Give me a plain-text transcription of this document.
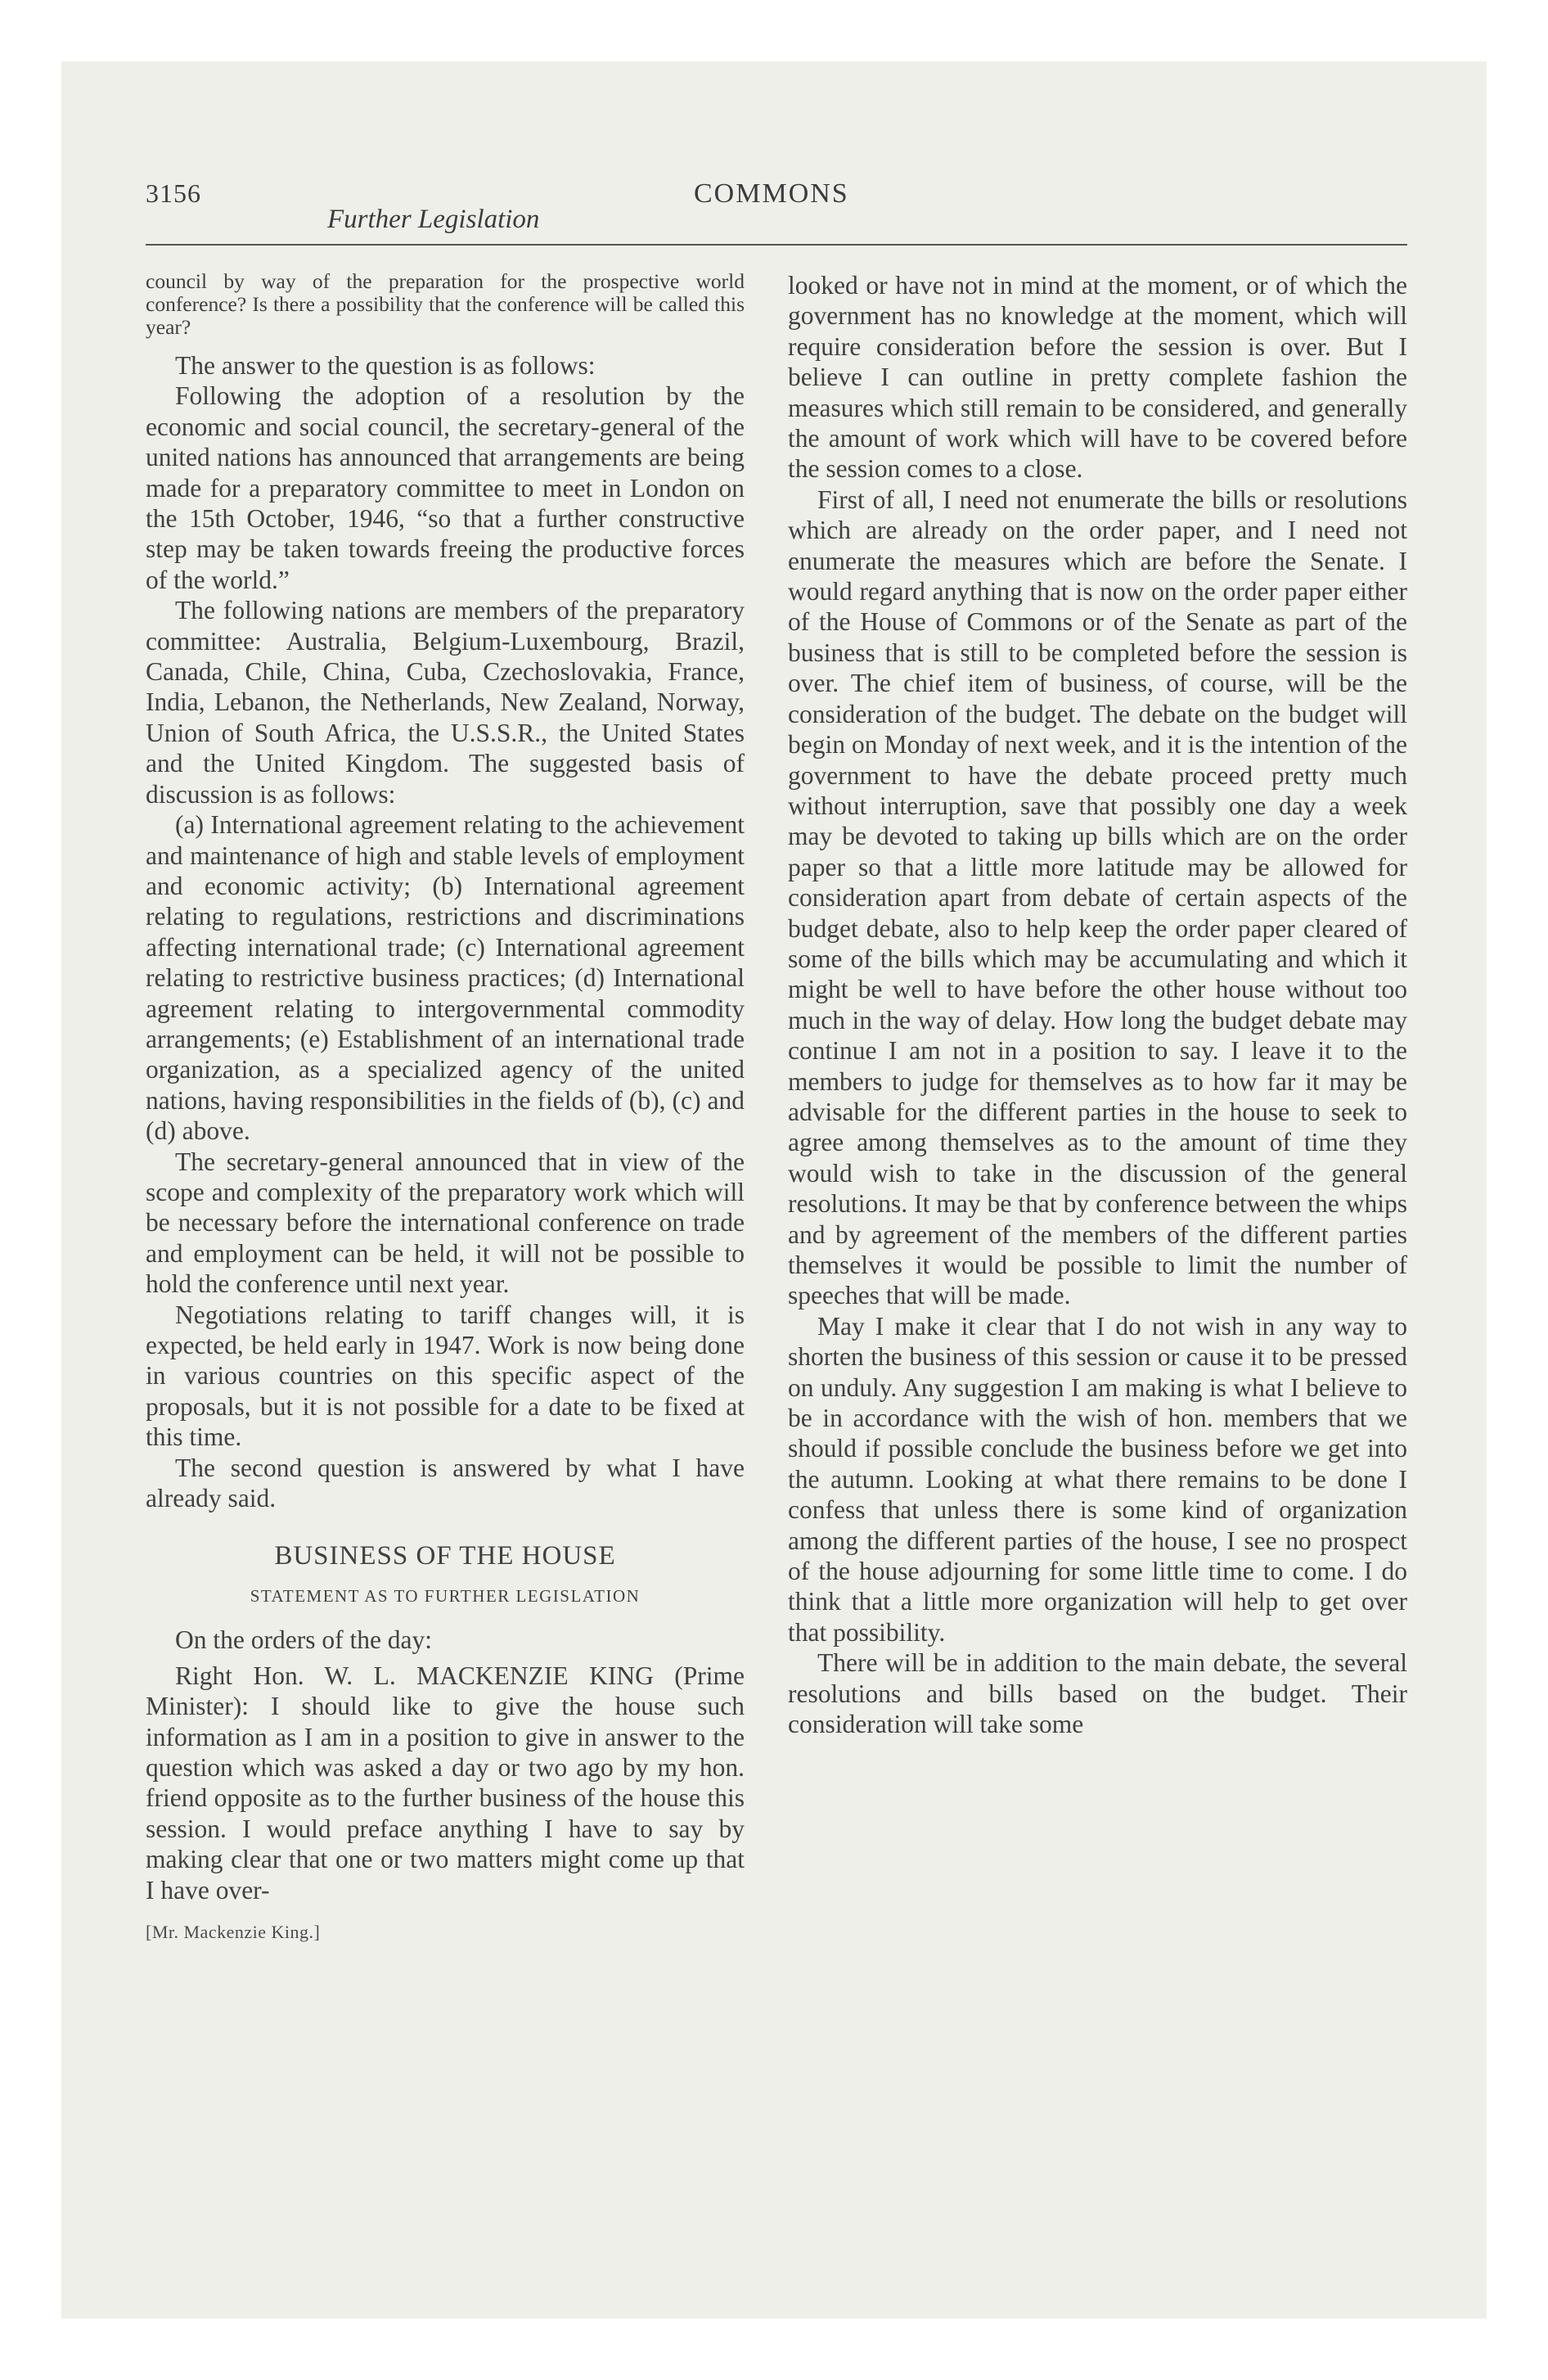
3156
Further Legislation
COMMONS

council by way of the preparation for the prospective world conference? Is there a possibility that the conference will be called this year?

The answer to the question is as follows:

Following the adoption of a resolution by the economic and social council, the secretary-general of the united nations has announced that arrangements are being made for a preparatory committee to meet in London on the 15th October, 1946, “so that a further constructive step may be taken towards freeing the productive forces of the world.”

The following nations are members of the preparatory committee: Australia, Belgium-Luxembourg, Brazil, Canada, Chile, China, Cuba, Czechoslovakia, France, India, Lebanon, the Netherlands, New Zealand, Norway, Union of South Africa, the U.S.S.R., the United States and the United Kingdom. The suggested basis of discussion is as follows:

(a) International agreement relating to the achievement and maintenance of high and stable levels of employment and economic activity; (b) International agreement relating to regulations, restrictions and discriminations affecting international trade; (c) International agreement relating to restrictive business practices; (d) International agreement relating to intergovernmental commodity arrangements; (e) Establishment of an international trade organization, as a specialized agency of the united nations, having responsibilities in the fields of (b), (c) and (d) above.

The secretary-general announced that in view of the scope and complexity of the preparatory work which will be necessary before the international conference on trade and employment can be held, it will not be possible to hold the conference until next year.

Negotiations relating to tariff changes will, it is expected, be held early in 1947. Work is now being done in various countries on this specific aspect of the proposals, but it is not possible for a date to be fixed at this time.

The second question is answered by what I have already said.

BUSINESS OF THE HOUSE
STATEMENT AS TO FURTHER LEGISLATION

On the orders of the day:

Right Hon. W. L. MACKENZIE KING (Prime Minister): I should like to give the house such information as I am in a position to give in answer to the question which was asked a day or two ago by my hon. friend opposite as to the further business of the house this session. I would preface anything I have to say by making clear that one or two matters might come up that I have over-

[Mr. Mackenzie King.]

looked or have not in mind at the moment, or of which the government has no knowledge at the moment, which will require consideration before the session is over. But I believe I can outline in pretty complete fashion the measures which still remain to be considered, and generally the amount of work which will have to be covered before the session comes to a close.

First of all, I need not enumerate the bills or resolutions which are already on the order paper, and I need not enumerate the measures which are before the Senate. I would regard anything that is now on the order paper either of the House of Commons or of the Senate as part of the business that is still to be completed before the session is over. The chief item of business, of course, will be the consideration of the budget. The debate on the budget will begin on Monday of next week, and it is the intention of the government to have the debate proceed pretty much without interruption, save that possibly one day a week may be devoted to taking up bills which are on the order paper so that a little more latitude may be allowed for consideration apart from debate of certain aspects of the budget debate, also to help keep the order paper cleared of some of the bills which may be accumulating and which it might be well to have before the other house without too much in the way of delay. How long the budget debate may continue I am not in a position to say. I leave it to the members to judge for themselves as to how far it may be advisable for the different parties in the house to seek to agree among themselves as to the amount of time they would wish to take in the discussion of the general resolutions. It may be that by conference between the whips and by agreement of the members of the different parties themselves it would be possible to limit the number of speeches that will be made.

May I make it clear that I do not wish in any way to shorten the business of this session or cause it to be pressed on unduly. Any suggestion I am making is what I believe to be in accordance with the wish of hon. members that we should if possible conclude the business before we get into the autumn. Looking at what there remains to be done I confess that unless there is some kind of organization among the different parties of the house, I see no prospect of the house adjourning for some little time to come. I do think that a little more organization will help to get over that possibility.

There will be in addition to the main debate, the several resolutions and bills based on the budget. Their consideration will take some
